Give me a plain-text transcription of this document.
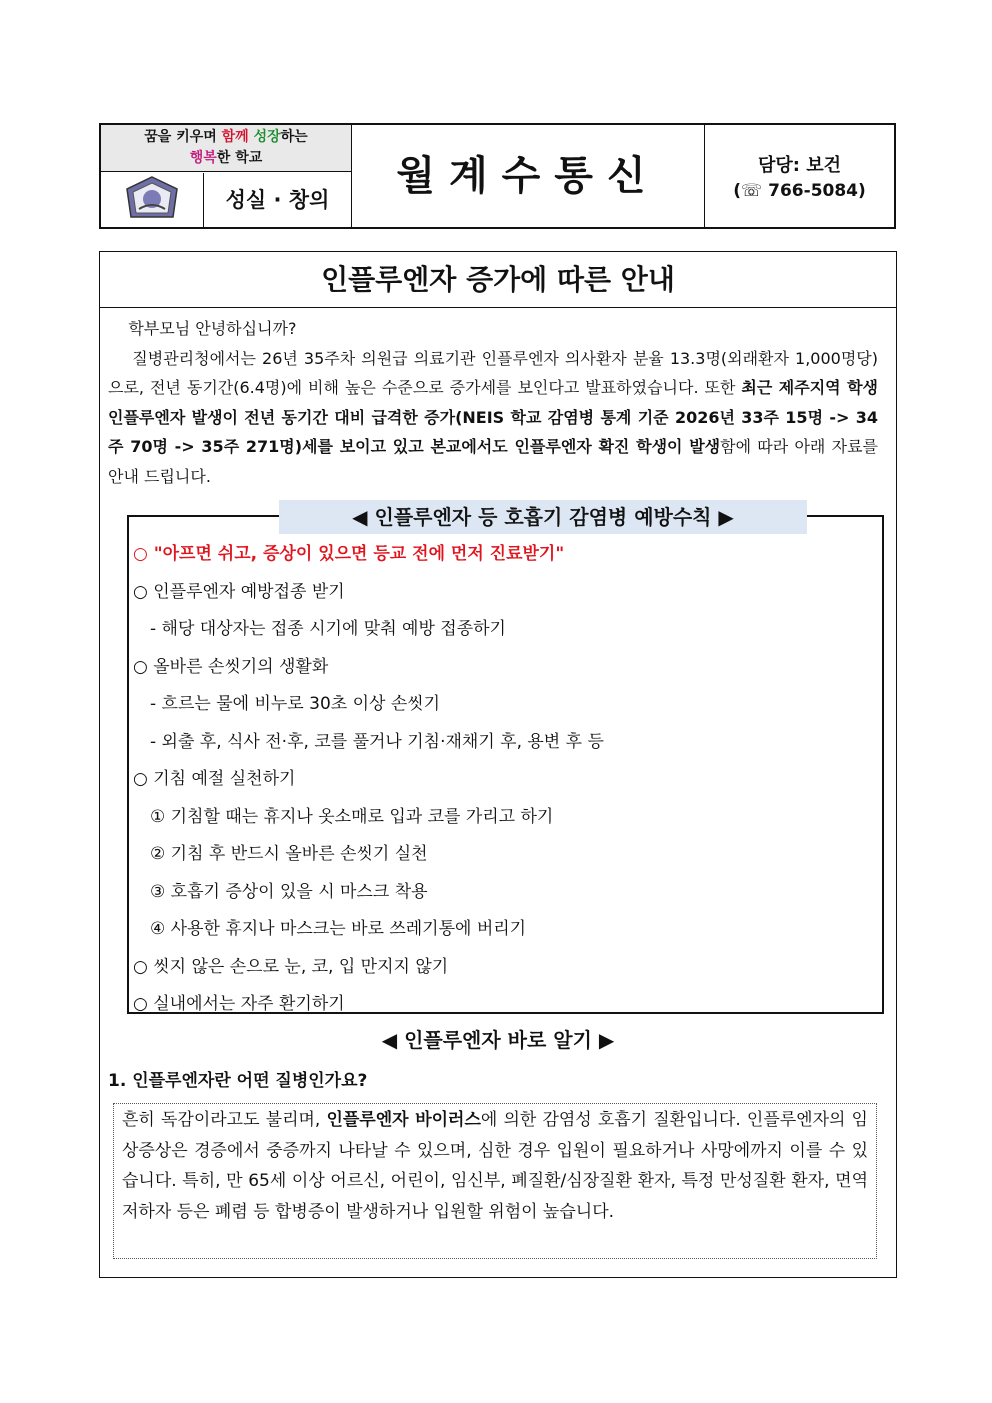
꿈을 키우며 함께 성장하는
행복한 학교
성실 · 창의
월계수통신	담당: 보건
(☏ 766-5084)
인플루엔자 증가에 따른 안내

학부모님 안녕하십니까?

질병관리청에서는 26년 35주차 의원급 의료기관 인플루엔자 의사환자 분율 13.3명(외래환자 1,000명당)으로, 전년 동기간(6.4명)에 비해 높은 수준으로 증가세를 보인다고 발표하였습니다. 또한 최근 제주지역 학생 인플루엔자 발생이 전년 동기간 대비 급격한 증가(NEIS 학교 감염병 통계 기준 2026년 33주 15명 -> 34주 70명 -> 35주 271명)세를 보이고 있고 본교에서도 인플루엔자 확진 학생이 발생함에 따라 아래 자료를 안내 드립니다.

◀ 인플루엔자 등 호흡기 감염병 예방수칙 ▶
○ "아프면 쉬고, 증상이 있으면 등교 전에 먼저 진료받기"
○ 인플루엔자 예방접종 받기
- 해당 대상자는 접종 시기에 맞춰 예방 접종하기
○ 올바른 손씻기의 생활화
- 흐르는 물에 비누로 30초 이상 손씻기
- 외출 후, 식사 전·후, 코를 풀거나 기침·재채기 후, 용변 후 등
○ 기침 예절 실천하기
① 기침할 때는 휴지나 옷소매로 입과 코를 가리고 하기
② 기침 후 반드시 올바른 손씻기 실천
③ 호흡기 증상이 있을 시 마스크 착용
④ 사용한 휴지나 마스크는 바로 쓰레기통에 버리기
○ 씻지 않은 손으로 눈, 코, 입 만지지 않기
○ 실내에서는 자주 환기하기
◀ 인플루엔자 바로 알기 ▶
1. 인플루엔자란 어떤 질병인가요?
흔히 독감이라고도 불리며, 인플루엔자 바이러스에 의한 감염성 호흡기 질환입니다. 인플루엔자의 임상증상은 경증에서 중증까지 나타날 수 있으며, 심한 경우 입원이 필요하거나 사망에까지 이를 수 있습니다. 특히, 만 65세 이상 어르신, 어린이, 임신부, 폐질환/심장질환 환자, 특정 만성질환 환자, 면역저하자 등은 폐렴 등 합병증이 발생하거나 입원할 위험이 높습니다.
